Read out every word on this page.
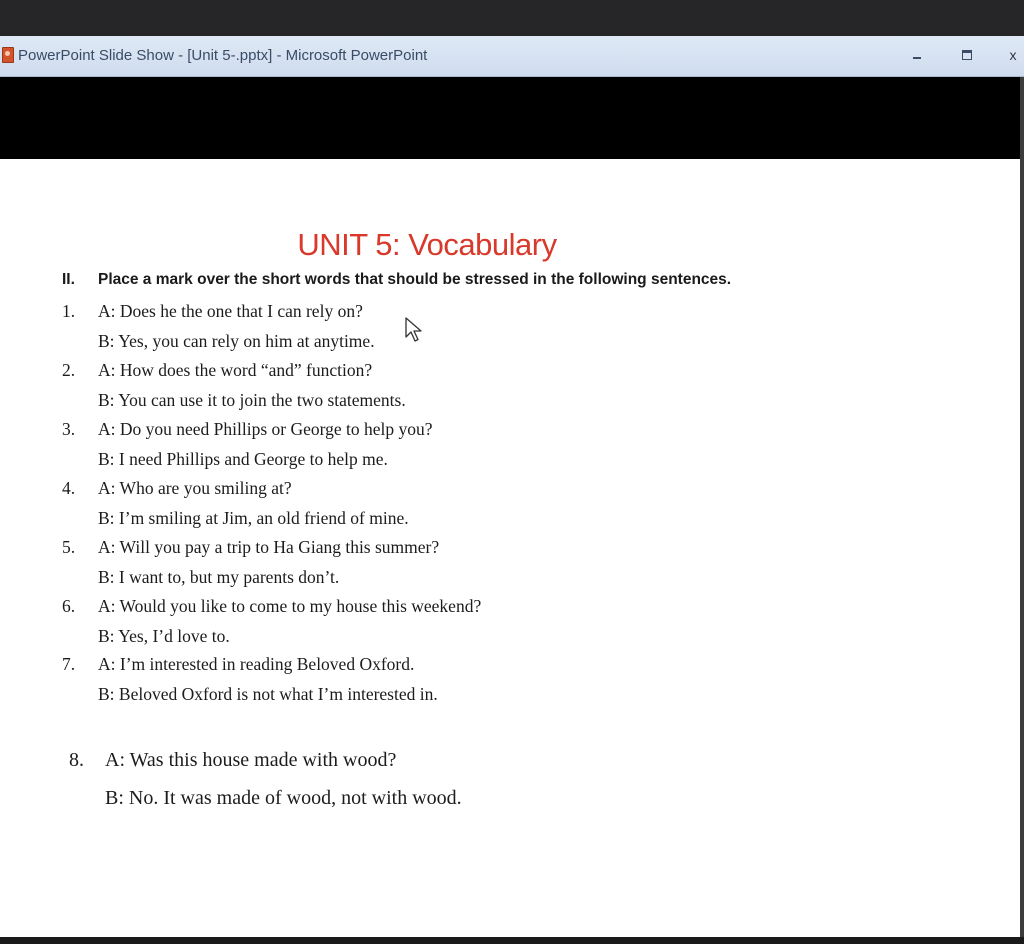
PowerPoint Slide Show - [Unit 5-.pptx] - Microsoft PowerPoint	x
UNIT 5: Vocabulary
II. Place a mark over the short words that should be stressed in the following sentences.
1. A: Does he the one that I can rely on?
B: Yes, you can rely on him at anytime.
2. A: How does the word “and” function?
B: You can use it to join the two statements.
3. A: Do you need Phillips or George to help you?
B: I need Phillips and George to help me.
4. A: Who are you smiling at?
B: I’m smiling at Jim, an old friend of mine.
5. A: Will you pay a trip to Ha Giang this summer?
B: I want to, but my parents don’t.
6. A: Would you like to come to my house this weekend?
B: Yes, I’d love to.
7. A: I’m interested in reading Beloved Oxford.
B: Beloved Oxford is not what I’m interested in.
8. A: Was this house made with wood?
B: No. It was made of wood, not with wood.
